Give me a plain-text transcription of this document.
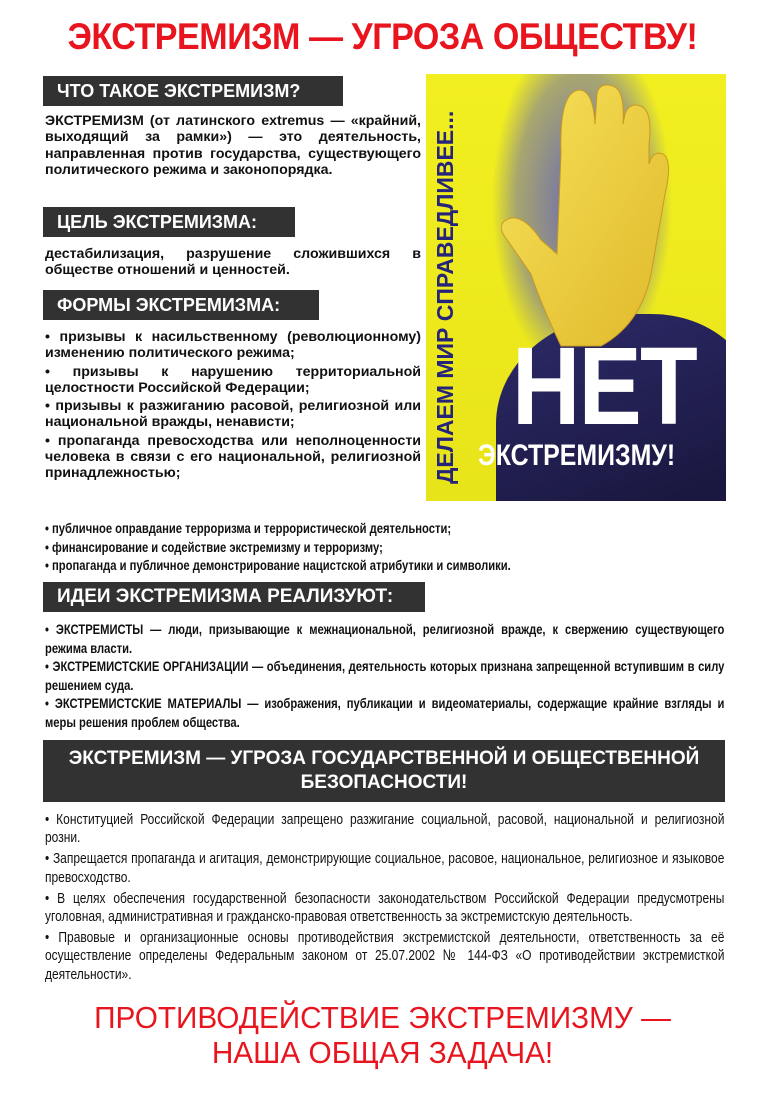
ЭКСТРЕМИЗМ — УГРОЗА ОБЩЕСТВУ!
ЧТО ТАКОЕ ЭКСТРЕМИЗМ?

ЭКСТРЕМИЗМ (от латинского extremus — «крайний, выходящий за рамки») — это деятельность, направленная против государства, существующего политического режима и законопорядка.

ЦЕЛЬ ЭКСТРЕМИЗМА:

дестабилизация, разрушение сложившихся в обществе отношений и ценностей.

ФОРМЫ ЭКСТРЕМИЗМА:

• призывы к насильственному (революционному) изменению политического режима;

• призывы к нарушению территориальной целостности Российской Федерации;

• призывы к разжиганию расовой, религиозной или национальной вражды, ненависти;

• пропаганда превосходства или неполноценности человека в связи с его национальной, религиозной принадлежностью;

• публичное оправдание терроризма и террористической деятельности;

• финансирование и содействие экстремизму и терроризму;

• пропаганда и публичное демонстрирование нацистской атрибутики и символики.

ДЕЛАЕМ МИР СПРАВЕДЛИВЕЕ... НЕТ
ЭКСТРЕМИЗМУ!
ИДЕИ ЭКСТРЕМИЗМА РЕАЛИЗУЮТ:

• ЭКСТРЕМИСТЫ — люди, призывающие к межнациональной, религиозной вражде, к свержению существующего режима власти.

• ЭКСТРЕМИСТСКИЕ ОРГАНИЗАЦИИ — объединения, деятельность которых признана запрещенной вступившим в силу решением суда.

• ЭКСТРЕМИСТСКИЕ МАТЕРИАЛЫ — изображения, публикации и видеоматериалы, содержащие крайние взгляды и меры решения проблем общества.

ЭКСТРЕМИЗМ — УГРОЗА ГОСУДАРСТВЕННОЙ И ОБЩЕСТВЕННОЙ
БЕЗОПАСНОСТИ!

• Конституцией Российской Федерации запрещено разжигание социальной, расовой, национальной и религиозной розни.

• Запрещается пропаганда и агитация, демонстрирующие социальное, расовое, национальное, религиозное и языковое превосходство.

• В целях обеспечения государственной безопасности законодательством Российской Федерации предусмотрены уголовная, административная и гражданско-правовая ответственность за экстремистскую деятельность.

• Правовые и организационные основы противодействия экстремистской деятельности, ответственность за её осуществление определены Федеральным законом от 25.07.2002 № 144-ФЗ «О противодействии экстремисткой деятельности».

ПРОТИВОДЕЙСТВИЕ ЭКСТРЕМИЗМУ —
НАША ОБЩАЯ ЗАДАЧА!
